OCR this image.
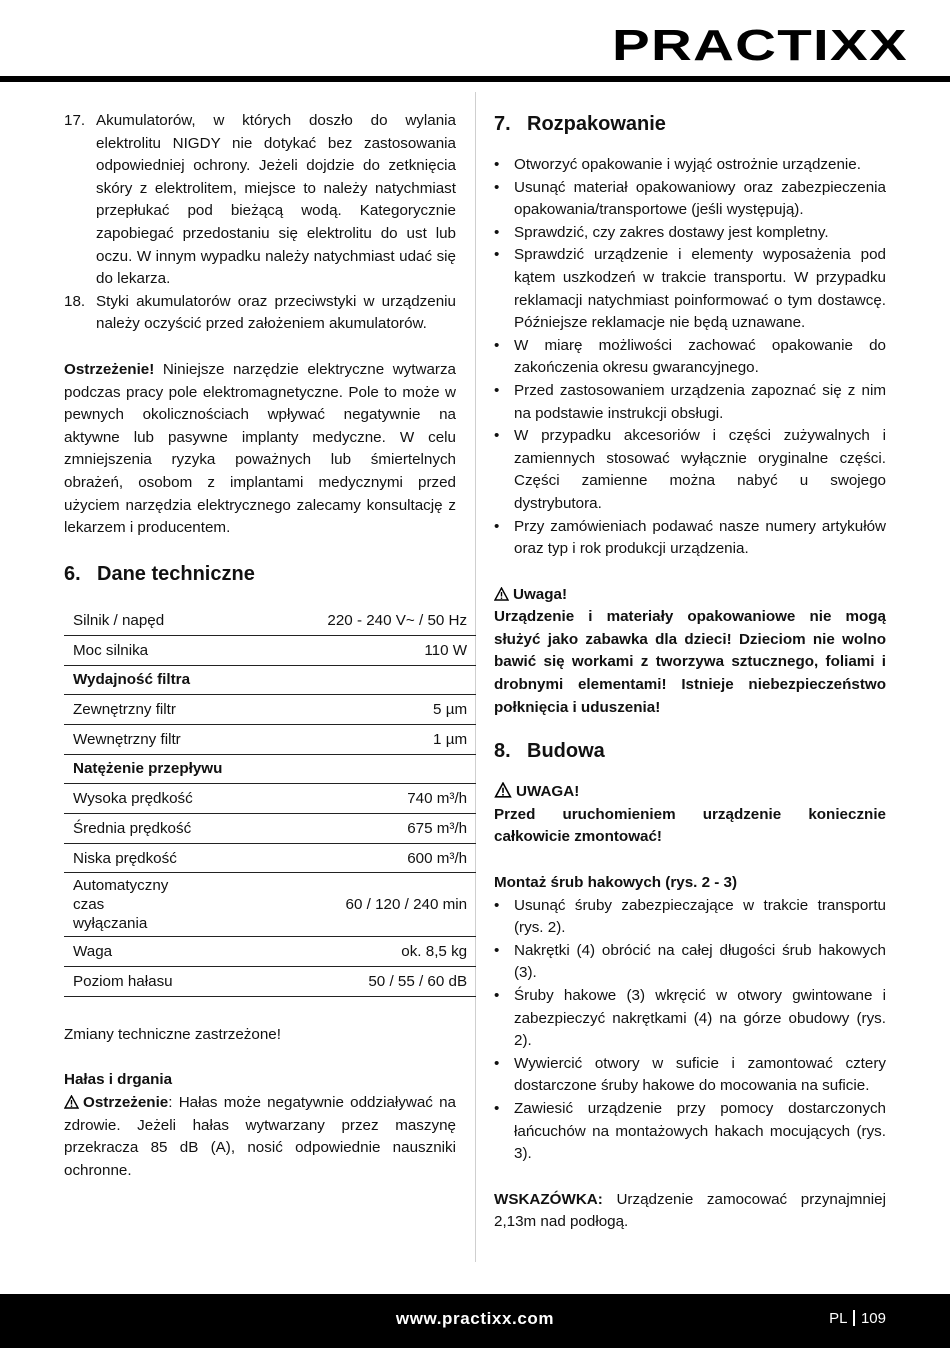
PRACTIXX
17. Akumulatorów, w których doszło do wylania elektrolitu NIGDY nie dotykać bez zastosowania odpowiedniej ochrony. Jeżeli dojdzie do zetknięcia skóry z elektrolitem, miejsce to należy natychmiast przepłukać pod bieżącą wodą. Kategorycznie zapobiegać przedostaniu się elektrolitu do ust lub oczu. W innym wypadku należy natychmiast udać się do lekarza.
18. Styki akumulatorów oraz przeciwstyki w urządzeniu należy oczyścić przed założeniem akumulatorów.

Ostrzeżenie! Niniejsze narzędzie elektryczne wytwarza podczas pracy pole elektromagnetyczne. Pole to może w pewnych okolicznościach wpływać negatywnie na aktywne lub pasywne implanty medyczne. W celu zmniejszenia ryzyka poważnych lub śmiertelnych obrażeń, osobom z implantami medycznymi przed użyciem narzędzia elektrycznego zalecamy konsultację z lekarzem i producentem.

6. Dane techniczne
Silnik / napęd	220 - 240 V~ / 50 Hz
Moc silnika	110 W
Wydajność filtra	
Zewnętrzny filtr	5 µm
Wewnętrzny filtr	1 µm
Natężenie przepływu	
Wysoka prędkość	740 m³/h
Średnia prędkość	675 m³/h
Niska prędkość	600 m³/h
Automatyczny czas wyłączania	60 / 120 / 240 min
Waga	ok. 8,5 kg
Poziom hałasu	50 / 55 / 60 dB

Zmiany techniczne zastrzeżone!

Hałas i drgania

Ostrzeżenie: Hałas może negatywnie oddziaływać na zdrowie. Jeżeli hałas wytwarzany przez maszynę przekracza 85 dB (A), nosić odpowiednie nauszniki ochronne.

7. Rozpakowanie
• Otworzyć opakowanie i wyjąć ostrożnie urządzenie.
• Usunąć materiał opakowaniowy oraz zabezpieczenia opakowania/transportowe (jeśli występują).
• Sprawdzić, czy zakres dostawy jest kompletny.
• Sprawdzić urządzenie i elementy wyposażenia pod kątem uszkodzeń w trakcie transportu. W przypadku reklamacji natychmiast poinformować o tym dostawcę. Późniejsze reklamacje nie będą uznawane.
• W miarę możliwości zachować opakowanie do zakończenia okresu gwarancyjnego.
• Przed zastosowaniem urządzenia zapoznać się z nim na podstawie instrukcji obsługi.
• W przypadku akcesoriów i części zużywalnych i zamiennych stosować wyłącznie oryginalne części. Części zamienne można nabyć u swojego dystrybutora.
• Przy zamówieniach podawać nasze numery artykułów oraz typ i rok produkcji urządzenia.

Uwaga!

Urządzenie i materiały opakowaniowe nie mogą służyć jako zabawka dla dzieci! Dzieciom nie wolno bawić się workami z tworzywa sztucznego, foliami i drobnymi elementami! Istnieje niebezpieczeństwo połknięcia i uduszenia!

8. Budowa

UWAGA!

Przed uruchomieniem urządzenie koniecznie całkowicie zmontować!

Montaż śrub hakowych (rys. 2 - 3)

• Usunąć śruby zabezpieczające w trakcie transportu (rys. 2).
• Nakrętki (4) obrócić na całej długości śrub hakowych (3).
• Śruby hakowe (3) wkręcić w otwory gwintowane i zabezpieczyć nakrętkami (4) na górze obudowy (rys. 2).
• Wywiercić otwory w suficie i zamontować cztery dostarczone śruby hakowe do mocowania na suficie.
• Zawiesić urządzenie przy pomocy dostarczonych łańcuchów na montażowych hakach mocujących (rys. 3).

WSKAZÓWKA: Urządzenie zamocować przynajmniej 2,13m nad podłogą.

www.practixx.com	PL 109
